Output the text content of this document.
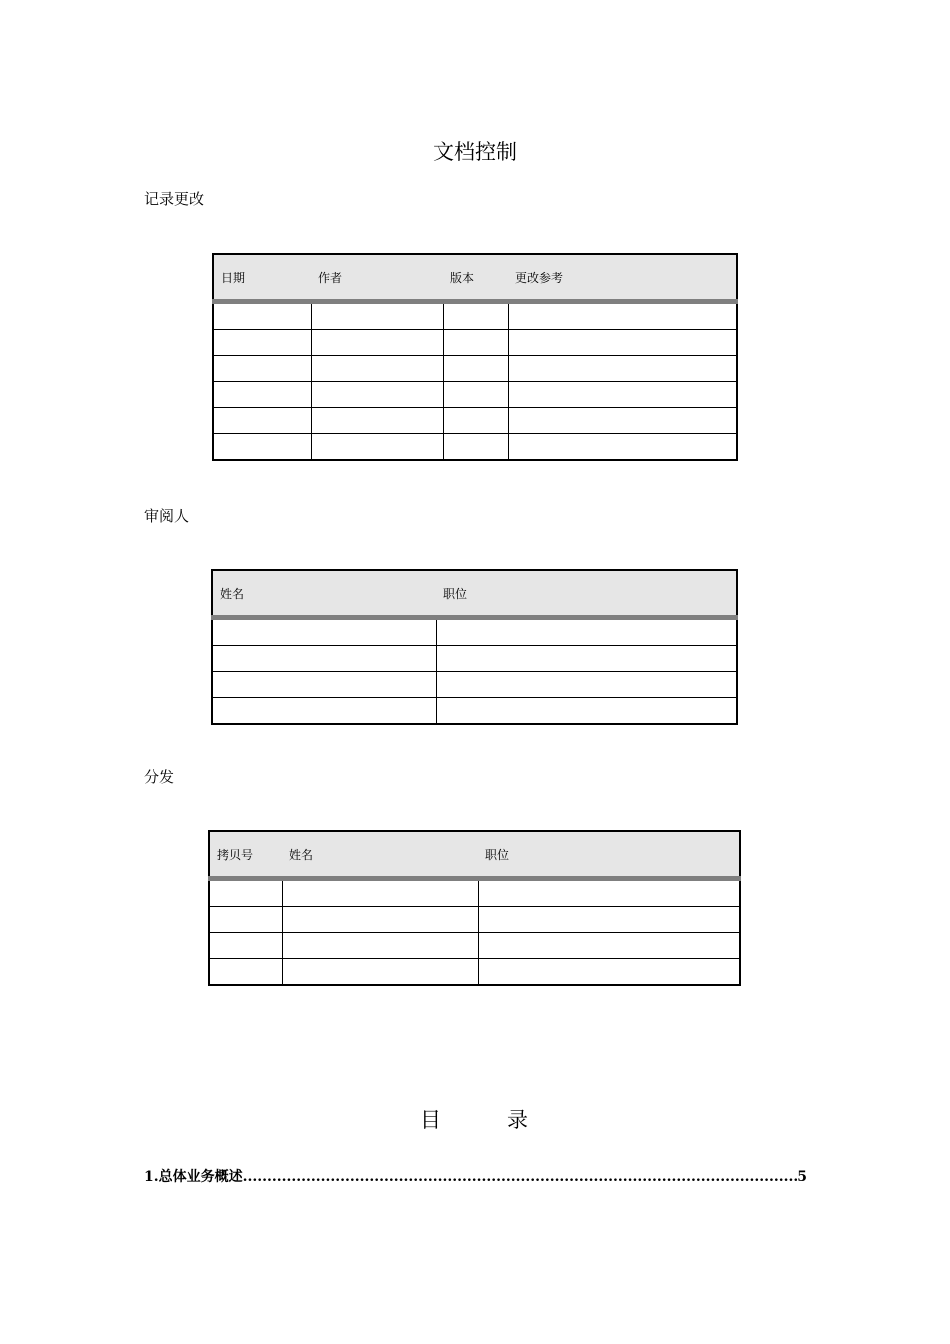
文档控制
记录更改
日期	作者	版本	更改参考

审阅人
姓名	职位

分发
拷贝号	姓名	职位

目	录
1.总体业务概述 .....	5
